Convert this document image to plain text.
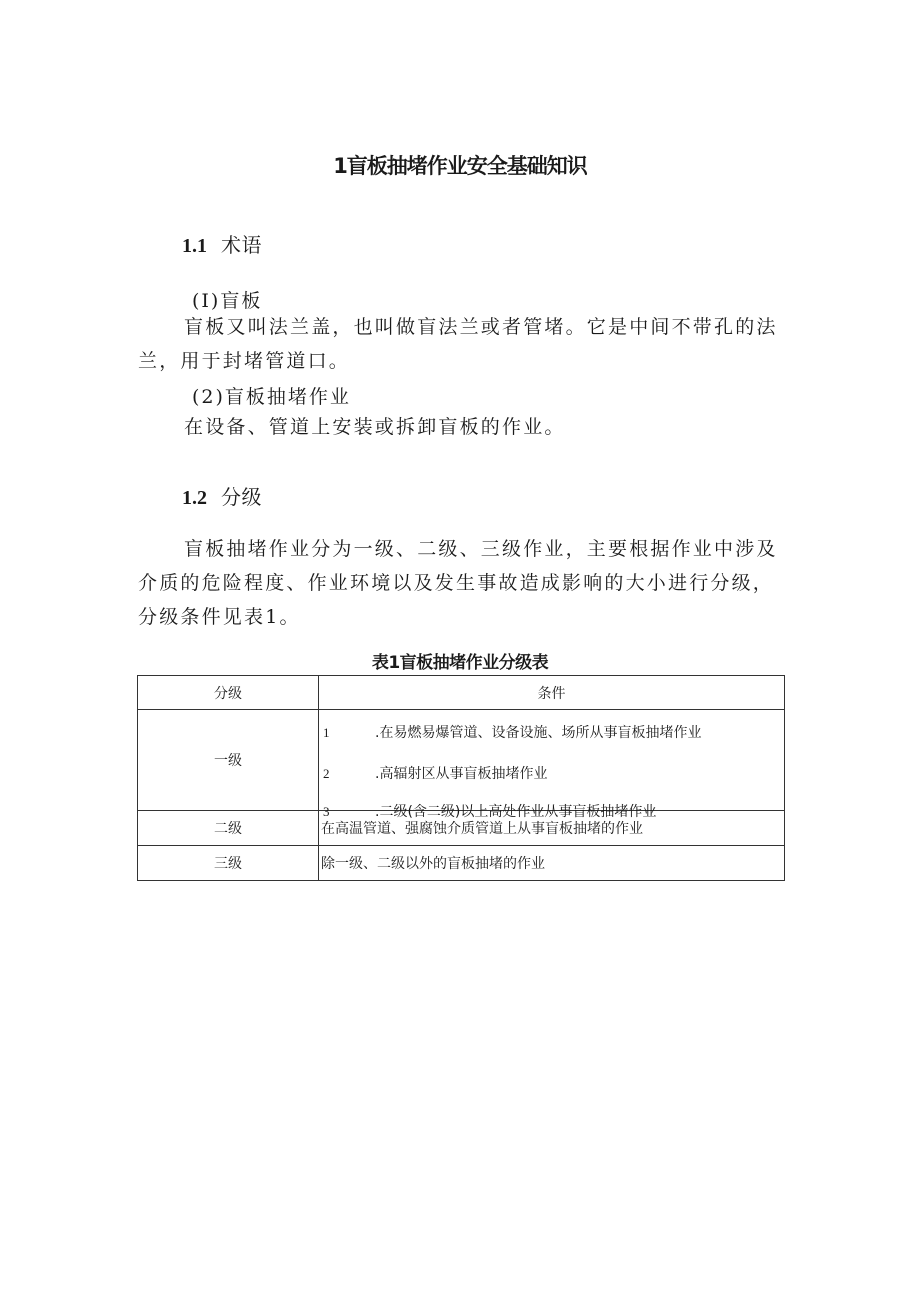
1盲板抽堵作业安全基础知识
1.1 术语
(I)盲板

盲板又叫法兰盖，也叫做盲法兰或者管堵。它是中间不带孔的法兰，用于封堵管道口。

(2)盲板抽堵作业

在设备、管道上安装或拆卸盲板的作业。

1.2 分级

盲板抽堵作业分为一级、二级、三级作业，主要根据作业中涉及介质的危险程度、作业环境以及发生事故造成影响的大小进行分级，分级条件见表1。

表1盲板抽堵作业分级表
分级	条件
一级	1 .在易燃易爆管道、设备设施、场所从事盲板抽堵作业
2 .高辐射区从事盲板抽堵作业
3 .二级(含二级)以上高处作业从事盲板抽堵作业

二级	在高温管道、强腐蚀介质管道上从事盲板抽堵的作业
三级	除一级、二级以外的盲板抽堵的作业
